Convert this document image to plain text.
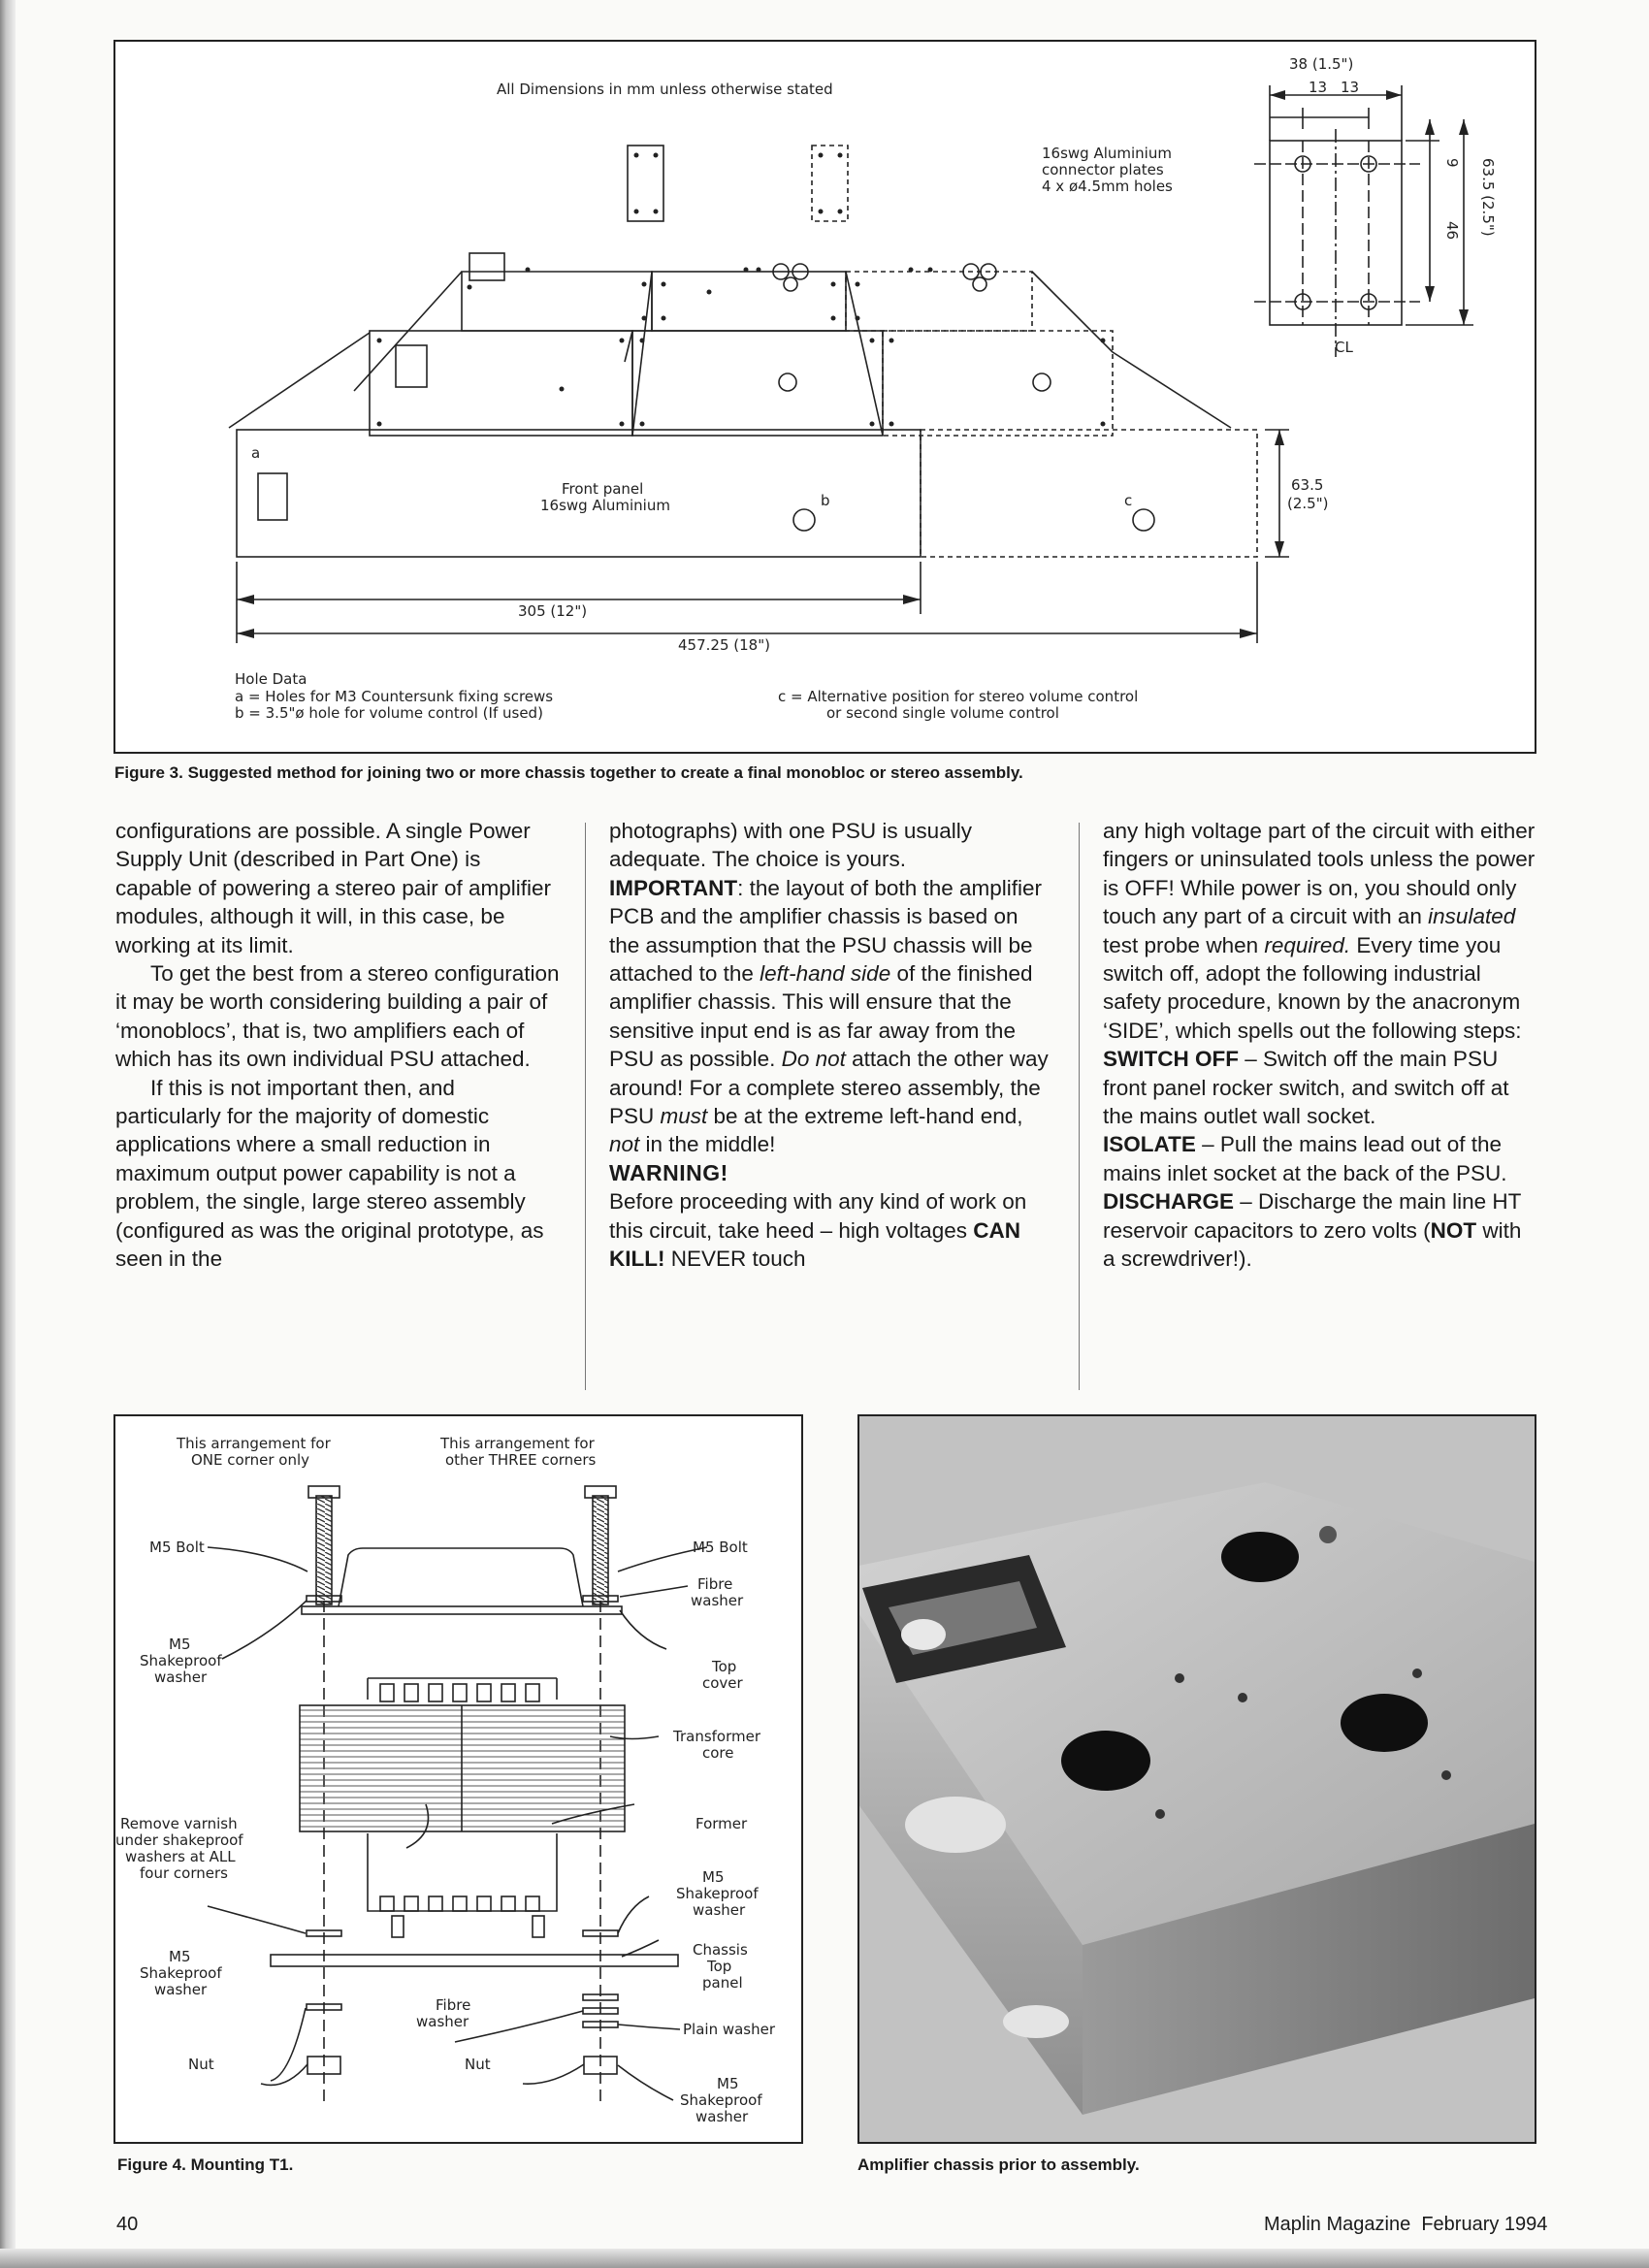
All Dimensions in mm unless otherwise stated
16swg Aluminium
connector plates
4 x ø4.5mm holes
Front panel
16swg Aluminium
38 (1.5")
13 13
9
46 63.5 (2.5")
CL
63.5
(2.5")
a
b	c
305 (12")
457.25 (18")
Hole Data
a = Holes for M3 Countersunk fixing screws
b = 3.5"ø hole for volume control (If used)
c = Alternative position for stereo volume control
or second single volume control
Figure 3. Suggested method for joining two or more chassis together to create a final monobloc or stereo assembly.

configurations are possible. A single Power Supply Unit (described in Part One) is capable of powering a stereo pair of amplifier modules, although it will, in this case, be working at its limit.

To get the best from a stereo configuration it may be worth considering building a pair of ‘monoblocs’, that is, two amplifiers each of which has its own individual PSU attached.

If this is not important then, and particularly for the majority of domestic applications where a small reduction in maximum output power capability is not a problem, the single, large stereo assembly (configured as was the original prototype, as seen in the

photographs) with one PSU is usually adequate. The choice is yours.

IMPORTANT: the layout of both the amplifier PCB and the amplifier chassis is based on the assumption that the PSU chassis will be attached to the left-hand side of the finished amplifier chassis. This will ensure that the sensitive input end is as far away from the PSU as possible. Do not attach the other way around! For a complete stereo assembly, the PSU must be at the extreme left-hand end, not in the middle!

WARNING!

Before proceeding with any kind of work on this circuit, take heed – high voltages CAN KILL! NEVER touch

any high voltage part of the circuit with either fingers or uninsulated tools unless the power is OFF! While power is on, you should only touch any part of a circuit with an insulated test probe when required. Every time you switch off, adopt the following industrial safety procedure, known by the anacronym ‘SIDE’, which spells out the following steps:

SWITCH OFF – Switch off the main PSU front panel rocker switch, and switch off at the mains outlet wall socket.

ISOLATE – Pull the mains lead out of the mains inlet socket at the back of the PSU.

DISCHARGE – Discharge the main line HT reservoir capacitors to zero volts (NOT with a screwdriver!).

This arrangement for
ONE corner only
This arrangement for
other THREE corners
M5 Bolt	M5 Bolt
Fibre
washer
M5
Shakeproof
washer
Top
cover
Transformer
core
Remove varnish
under shakeproof
washers at ALL
four corners
Former
M5
Shakeproof
washer
Chassis
Top
panel
M5
Shakeproof
washer
Fibre
washer	Plain washer
Nut	Nut
M5
Shakeproof
washer
Figure 4. Mounting T1.	Amplifier chassis prior to assembly.
40	Maplin Magazine February 1994
